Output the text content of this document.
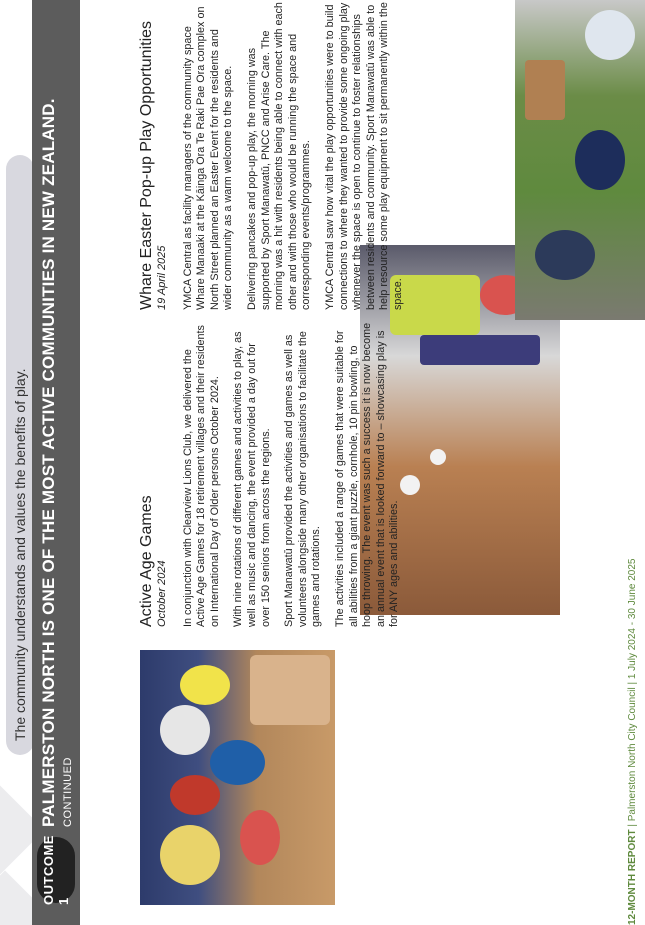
The community understands and values the benefits of play.
OUTCOME 1
PALMERSTON NORTH IS ONE OF THE MOST ACTIVE COMMUNITIES IN NEW ZEALAND. CONTINUED
Active Age Games October 2024 In conjunction with Clearview Lions Club, we delivered the Active Age Games for 18 retirement villages and their residents on International Day of Older persons October 2024. With nine rotations of different games and activities to play, as well as music and dancing, the event provided a day out for over 150 seniors from across the regions. Sport Manawatū provided the activities and games as well as volunteers alongside many other organisations to facilitate the games and rotations. The activities included a range of games that were suitable for all abilities from a giant puzzle, cornhole, 10 pin bowling, to hoop throwing. The event was such a success it is now become an annual event that is looked forward to – showcasing play is for ANY ages and abilities.

Whare Easter Pop-up Play Opportunities 19 April 2025 YMCA Central as facility managers of the community space Whare Manaaki at the Kāinga Ora Te Raki Pae Ora complex on North Street planned an Easter Event for the residents and wider community as a warm welcome to the space. Delivering pancakes and pop-up play, the morning was supported by Sport Manawatū, PNCC and Arise Care. The morning was a hit with residents being able to connect with each other and with those who would be running the space and corresponding events/programmes. YMCA Central saw how vital the play opportunities were to build connections to where they wanted to provide some ongoing play whenever the space is open to continue to foster relationships between residents and community. Sport Manawatū was able to help resource some play equipment to sit permanently within the space.

12-MONTH REPORT | Palmerston North City Council | 1 July 2024 - 30 June 2025
